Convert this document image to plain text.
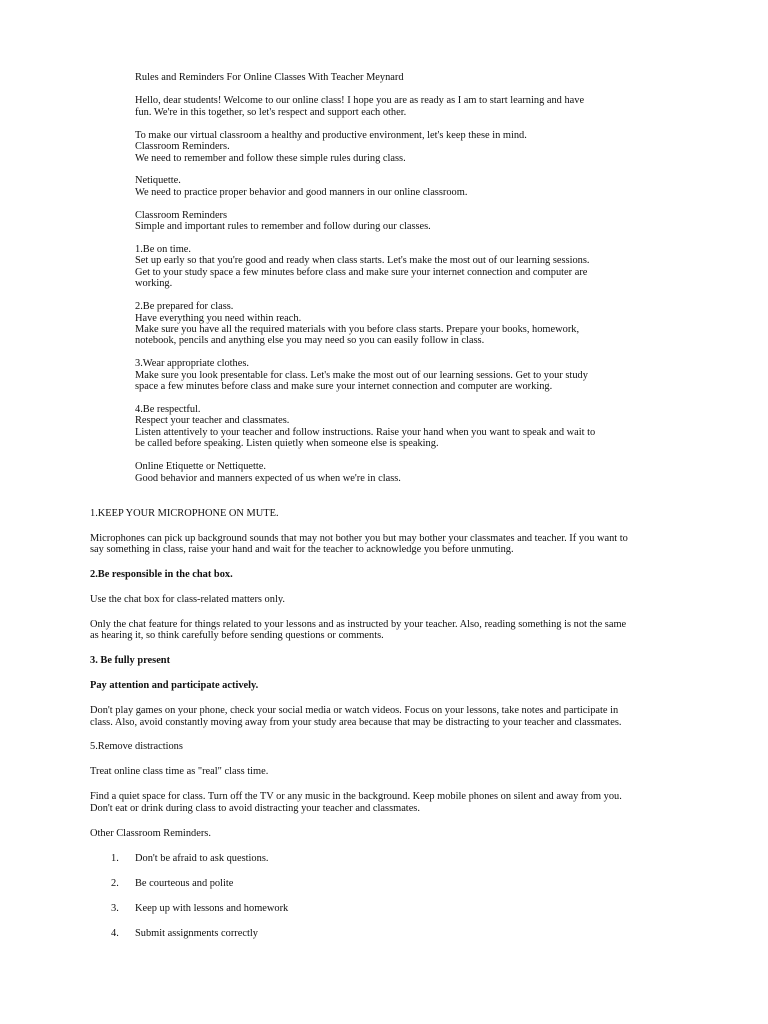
Rules and Reminders For Online Classes With Teacher Meynard

Hello, dear students! Welcome to our online class! I hope you are as ready as I am to start learning and have
fun. We're in this together, so let's respect and support each other.

To make our virtual classroom a healthy and productive environment, let's keep these in mind.
Classroom Reminders.
We need to remember and follow these simple rules during class.

Netiquette.
We need to practice proper behavior and good manners in our online classroom.

Classroom Reminders
Simple and important rules to remember and follow during our classes.

1.Be on time.
Set up early so that you're good and ready when class starts. Let's make the most out of our learning sessions.
Get to your study space a few minutes before class and make sure your internet connection and computer are
working.

2.Be prepared for class.
Have everything you need within reach.
Make sure you have all the required materials with you before class starts. Prepare your books, homework,
notebook, pencils and anything else you may need so you can easily follow in class.

3.Wear appropriate clothes.
Make sure you look presentable for class. Let's make the most out of our learning sessions. Get to your study
space a few minutes before class and make sure your internet connection and computer are working.

4.Be respectful.
Respect your teacher and classmates.
Listen attentively to your teacher and follow instructions. Raise your hand when you want to speak and wait to
be called before speaking. Listen quietly when someone else is speaking.

Online Etiquette or Nettiquette.
Good behavior and manners expected of us when we're in class.

1.KEEP YOUR MICROPHONE ON MUTE.

Microphones can pick up background sounds that may not bother you but may bother your classmates and teacher. If you want to
say something in class, raise your hand and wait for the teacher to acknowledge you before unmuting.

2.Be responsible in the chat box.

Use the chat box for class-related matters only.

Only the chat feature for things related to your lessons and as instructed by your teacher. Also, reading something is not the same
as hearing it, so think carefully before sending questions or comments.

3. Be fully present

Pay attention and participate actively.

Don't play games on your phone, check your social media or watch videos. Focus on your lessons, take notes and participate in
class. Also, avoid constantly moving away from your study area because that may be distracting to your teacher and classmates.

5.Remove distractions

Treat online class time as "real" class time.

Find a quiet space for class. Turn off the TV or any music in the background. Keep mobile phones on silent and away from you.
Don't eat or drink during class to avoid distracting your teacher and classmates.

Other Classroom Reminders.

1. Don't be afraid to ask questions.
2. Be courteous and polite
3. Keep up with lessons and homework
4. Submit assignments correctly
